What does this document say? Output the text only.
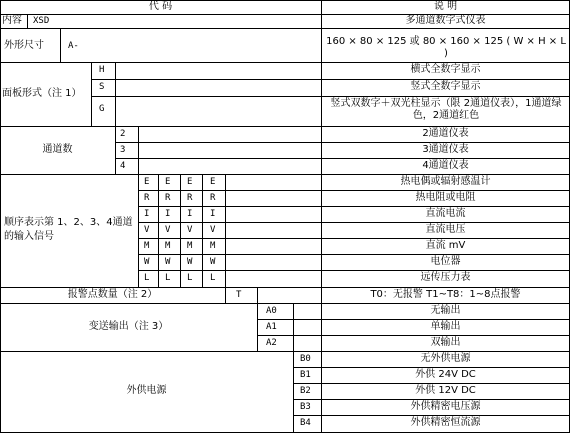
代 码	说 明
内容 XSD	多通道数字式仪表
外形尺寸	A-	160 × 80 × 125 或 80 × 160 × 125 ( W × H × L )
面板形式（注 1）
H	横式全数字显示
S	竖式全数字显示
G	竖式双数字＋双光柱显示（限 2通道仪表），1通道绿色，2通道红色
通道数
2	2通道仪表
3	3通道仪表
4	4通道仪表
顺序表示第 1、2、3、4通道的输入信号
E E E E	热电偶或辐射感温计
R R R R	热电阻或电阻
I I I I	直流电流
V V V V	直流电压
M M M M	直流 mV
W W W W	电位器
L L L L	远传压力表
报警点数量（注 2）	T	T0：无报警 T1~T8：1~8点报警
变送输出（注 3）
A0	无输出
A1	单输出
A2	双输出
外供电源
B0	无外供电源
B1	外供 24V DC
B2	外供 12V DC
B3	外供精密电压源
B4	外供精密恒流源
